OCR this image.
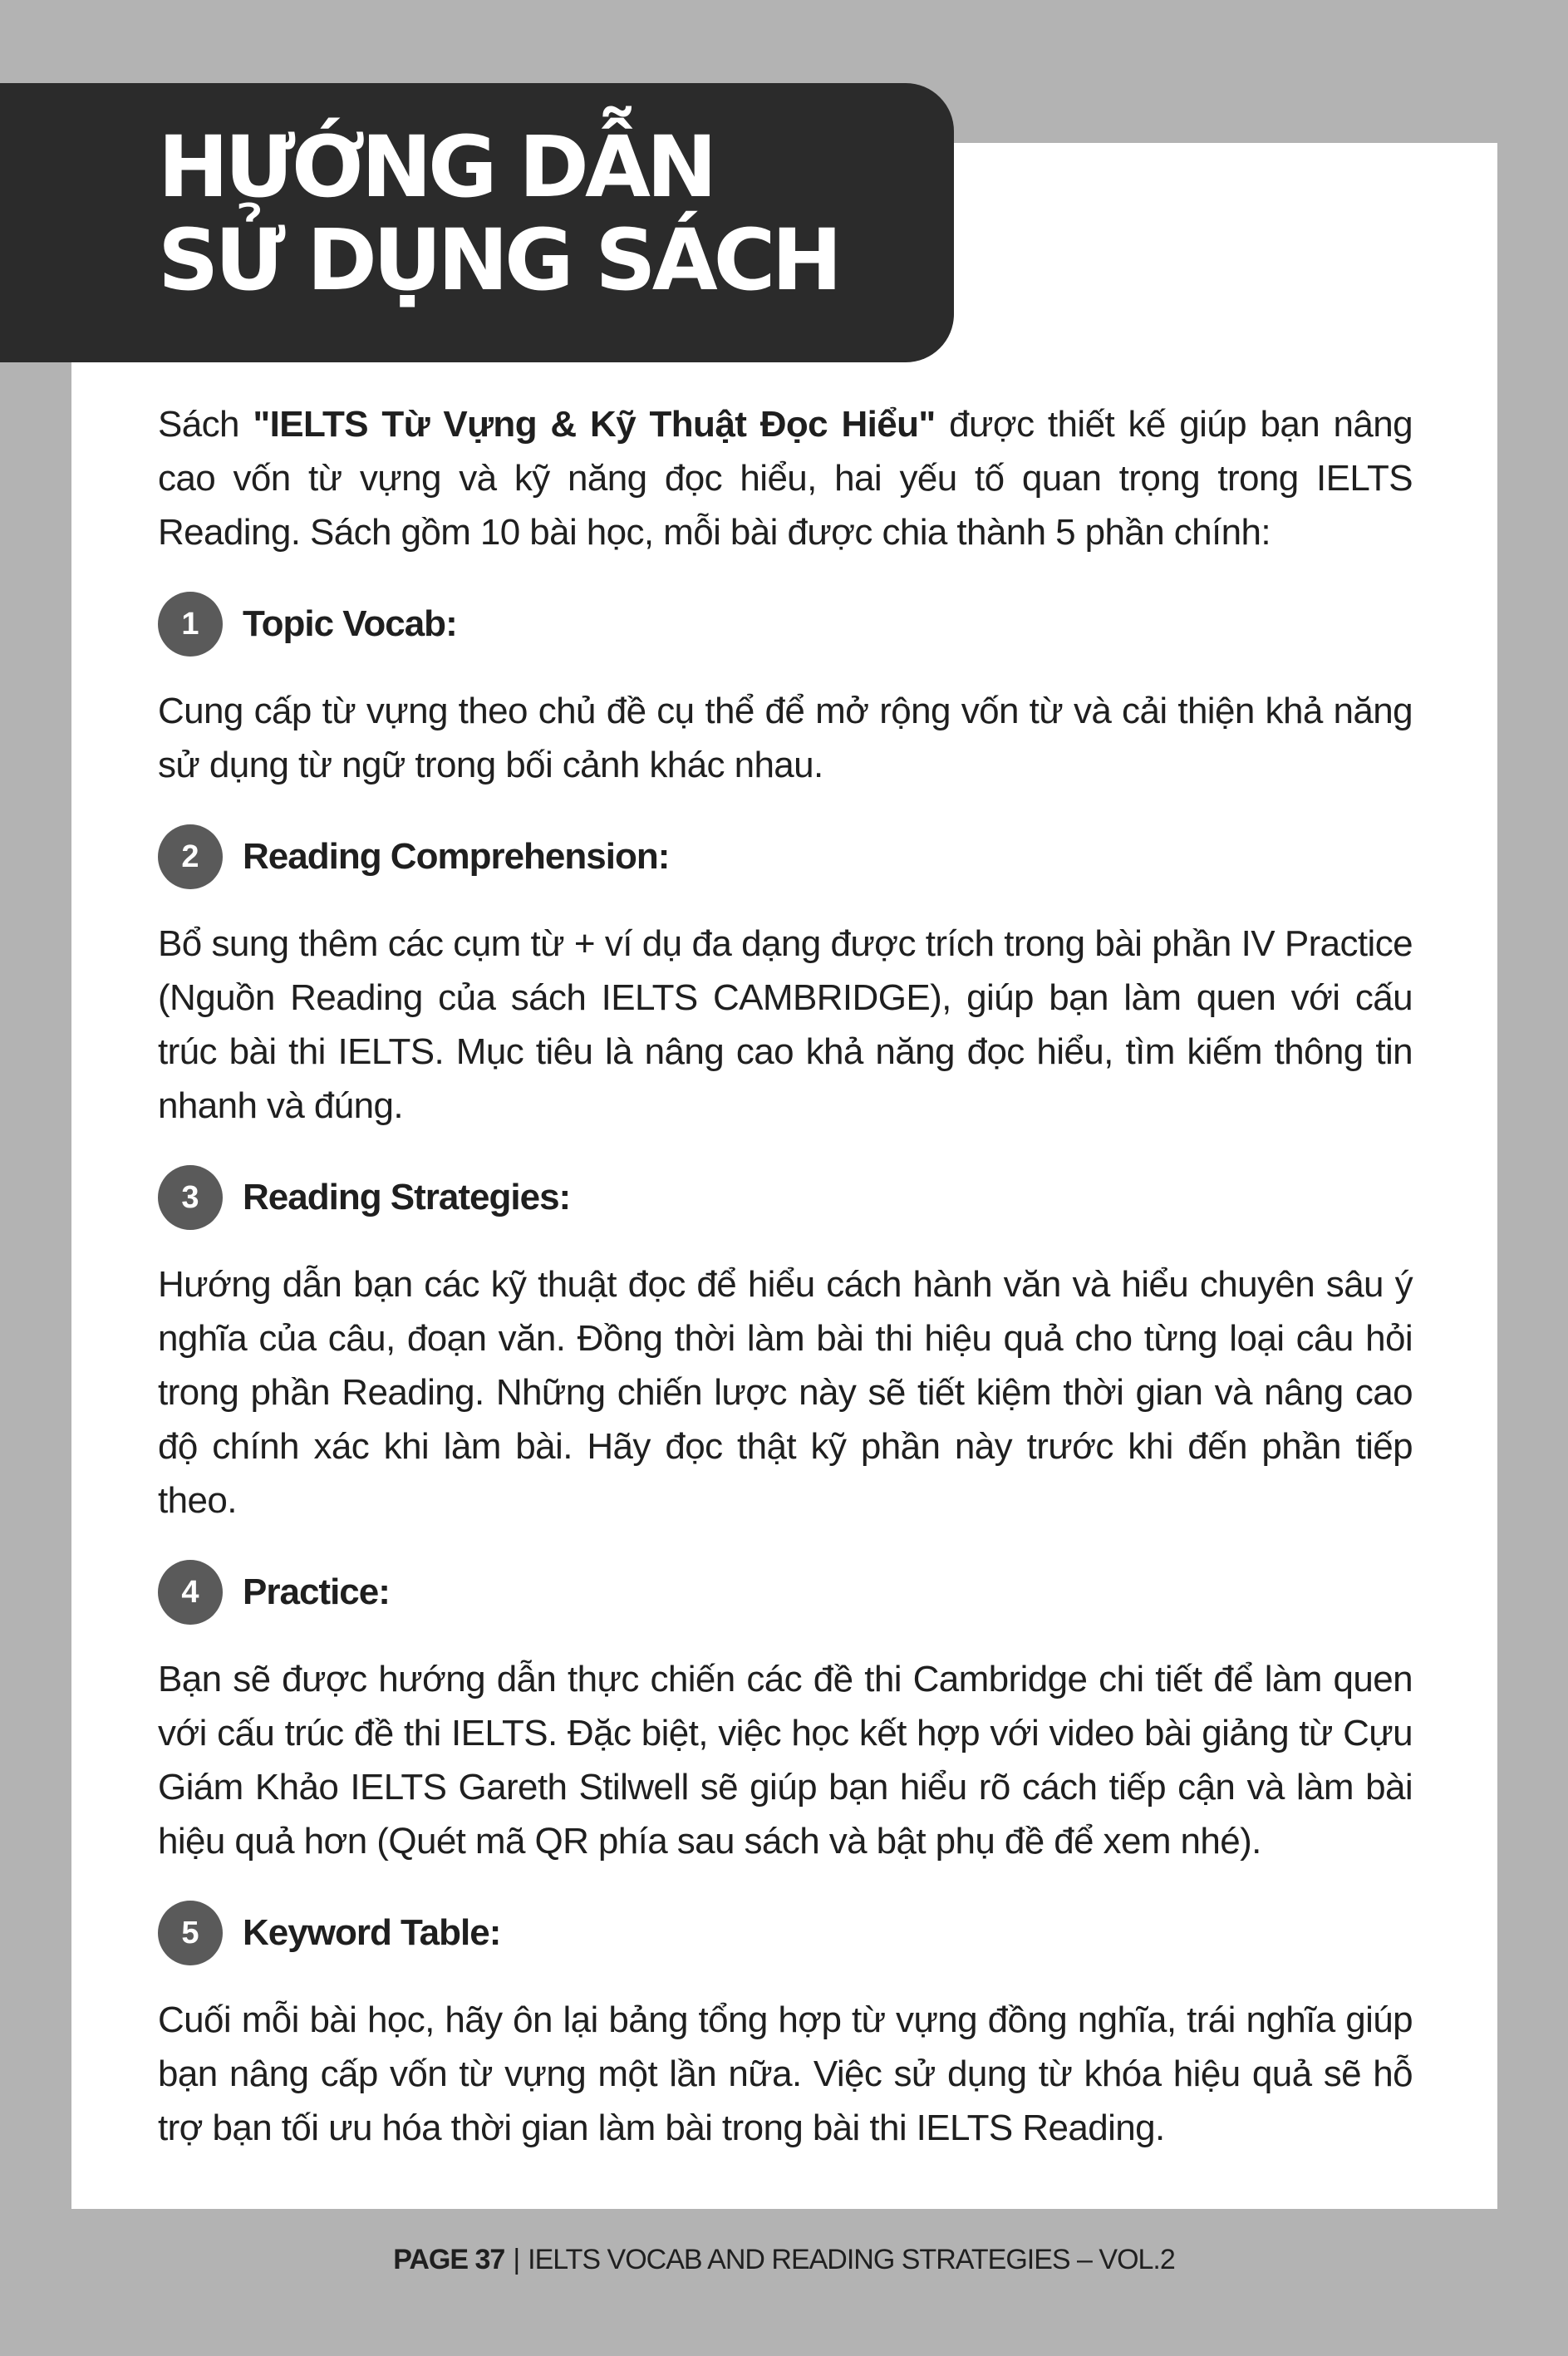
HƯỚNG DẪN
SỬ DỤNG SÁCH

Sách "IELTS Từ Vựng & Kỹ Thuật Đọc Hiểu" được thiết kế giúp bạn nâng cao vốn từ vựng và kỹ năng đọc hiểu, hai yếu tố quan trọng trong IELTS Reading. Sách gồm 10 bài học, mỗi bài được chia thành 5 phần chính:

1	Topic Vocab:

Cung cấp từ vựng theo chủ đề cụ thể để mở rộng vốn từ và cải thiện khả năng sử dụng từ ngữ trong bối cảnh khác nhau.

2	Reading Comprehension:

Bổ sung thêm các cụm từ + ví dụ đa dạng được trích trong bài phần IV Practice (Nguồn Reading của sách IELTS CAMBRIDGE), giúp bạn làm quen với cấu trúc bài thi IELTS. Mục tiêu là nâng cao khả năng đọc hiểu, tìm kiếm thông tin nhanh và đúng.

3	Reading Strategies:

Hướng dẫn bạn các kỹ thuật đọc để hiểu cách hành văn và hiểu chuyên sâu ý nghĩa của câu, đoạn văn. Đồng thời làm bài thi hiệu quả cho từng loại câu hỏi trong phần Reading. Những chiến lược này sẽ tiết kiệm thời gian và nâng cao độ chính xác khi làm bài. Hãy đọc thật kỹ phần này trước khi đến phần tiếp theo.

4	Practice:

Bạn sẽ được hướng dẫn thực chiến các đề thi Cambridge chi tiết để làm quen với cấu trúc đề thi IELTS. Đặc biệt, việc học kết hợp với video bài giảng từ Cựu Giám Khảo IELTS Gareth Stilwell sẽ giúp bạn hiểu rõ cách tiếp cận và làm bài hiệu quả hơn (Quét mã QR phía sau sách và bật phụ đề để xem nhé).

5	Keyword Table:

Cuối mỗi bài học, hãy ôn lại bảng tổng hợp từ vựng đồng nghĩa, trái nghĩa giúp bạn nâng cấp vốn từ vựng một lần nữa. Việc sử dụng từ khóa hiệu quả sẽ hỗ trợ bạn tối ưu hóa thời gian làm bài trong bài thi IELTS Reading.

PAGE 37 | IELTS VOCAB AND READING STRATEGIES – VOL.2
